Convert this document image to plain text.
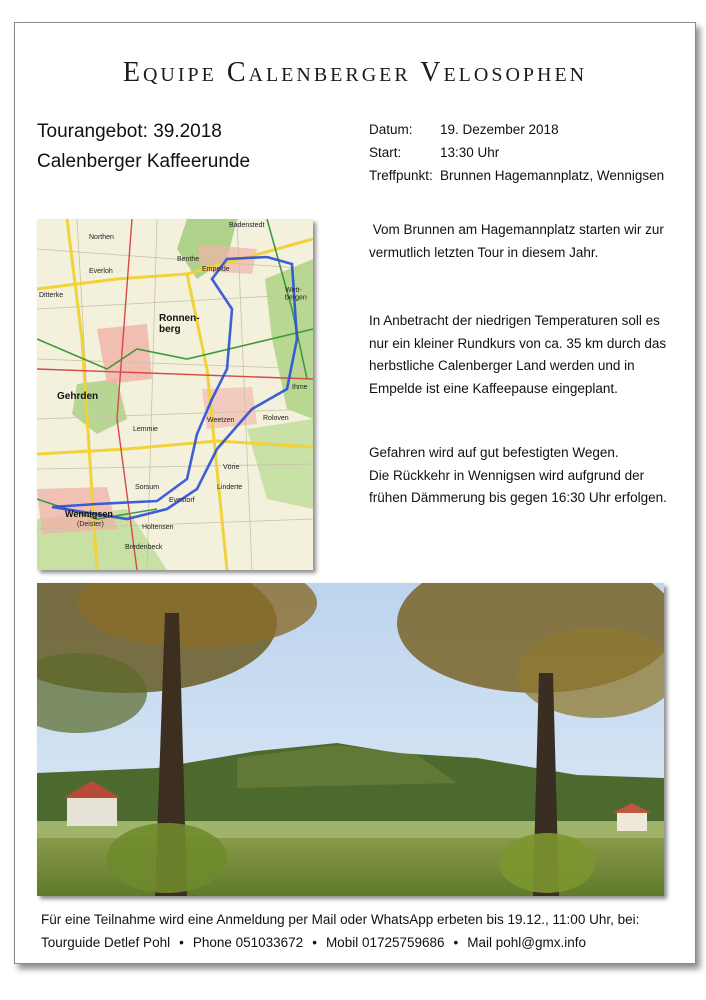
Equipe Calenberger Velosophen
Tourangebot: 39.2018
Calenberger Kaffeerunde
Datum:	19. Dezember 2018
Start:	13:30 Uhr
Treffpunkt: Brunnen Hagemannplatz, Wennigsen
Badenstedt
Northen
Everloh
Ditterke
Benthe
Empelde
Wett-bergen
Ronnen-berg
Gehrden
Lemmie
Weetzen
Vörie
Linderte
Evestorf
Sorsum
Wennigsen
(Deister)	Holtensen
Bredenbeck
Ihme
Roloven
Vom Brunnen am Hagemannplatz starten wir zur vermutlich letzten Tour in diesem Jahr.
In Anbetracht der niedrigen Temperaturen soll es nur ein kleiner Rundkurs von ca. 35 km durch das herbstliche Calenberger Land werden und in Empelde ist eine Kaffeepause eingeplant.
Gefahren wird auf gut befestigten Wegen.
Die Rückkehr in Wennigsen wird aufgrund der frühen Dämmerung bis gegen 16:30 Uhr erfolgen.
Für eine Teilnahme wird eine Anmeldung per Mail oder WhatsApp erbeten bis 19.12., 11:00 Uhr, bei:
Tourguide Detlef Pohl • Phone 051033672 • Mobil 01725759686 • Mail pohl@gmx.info
